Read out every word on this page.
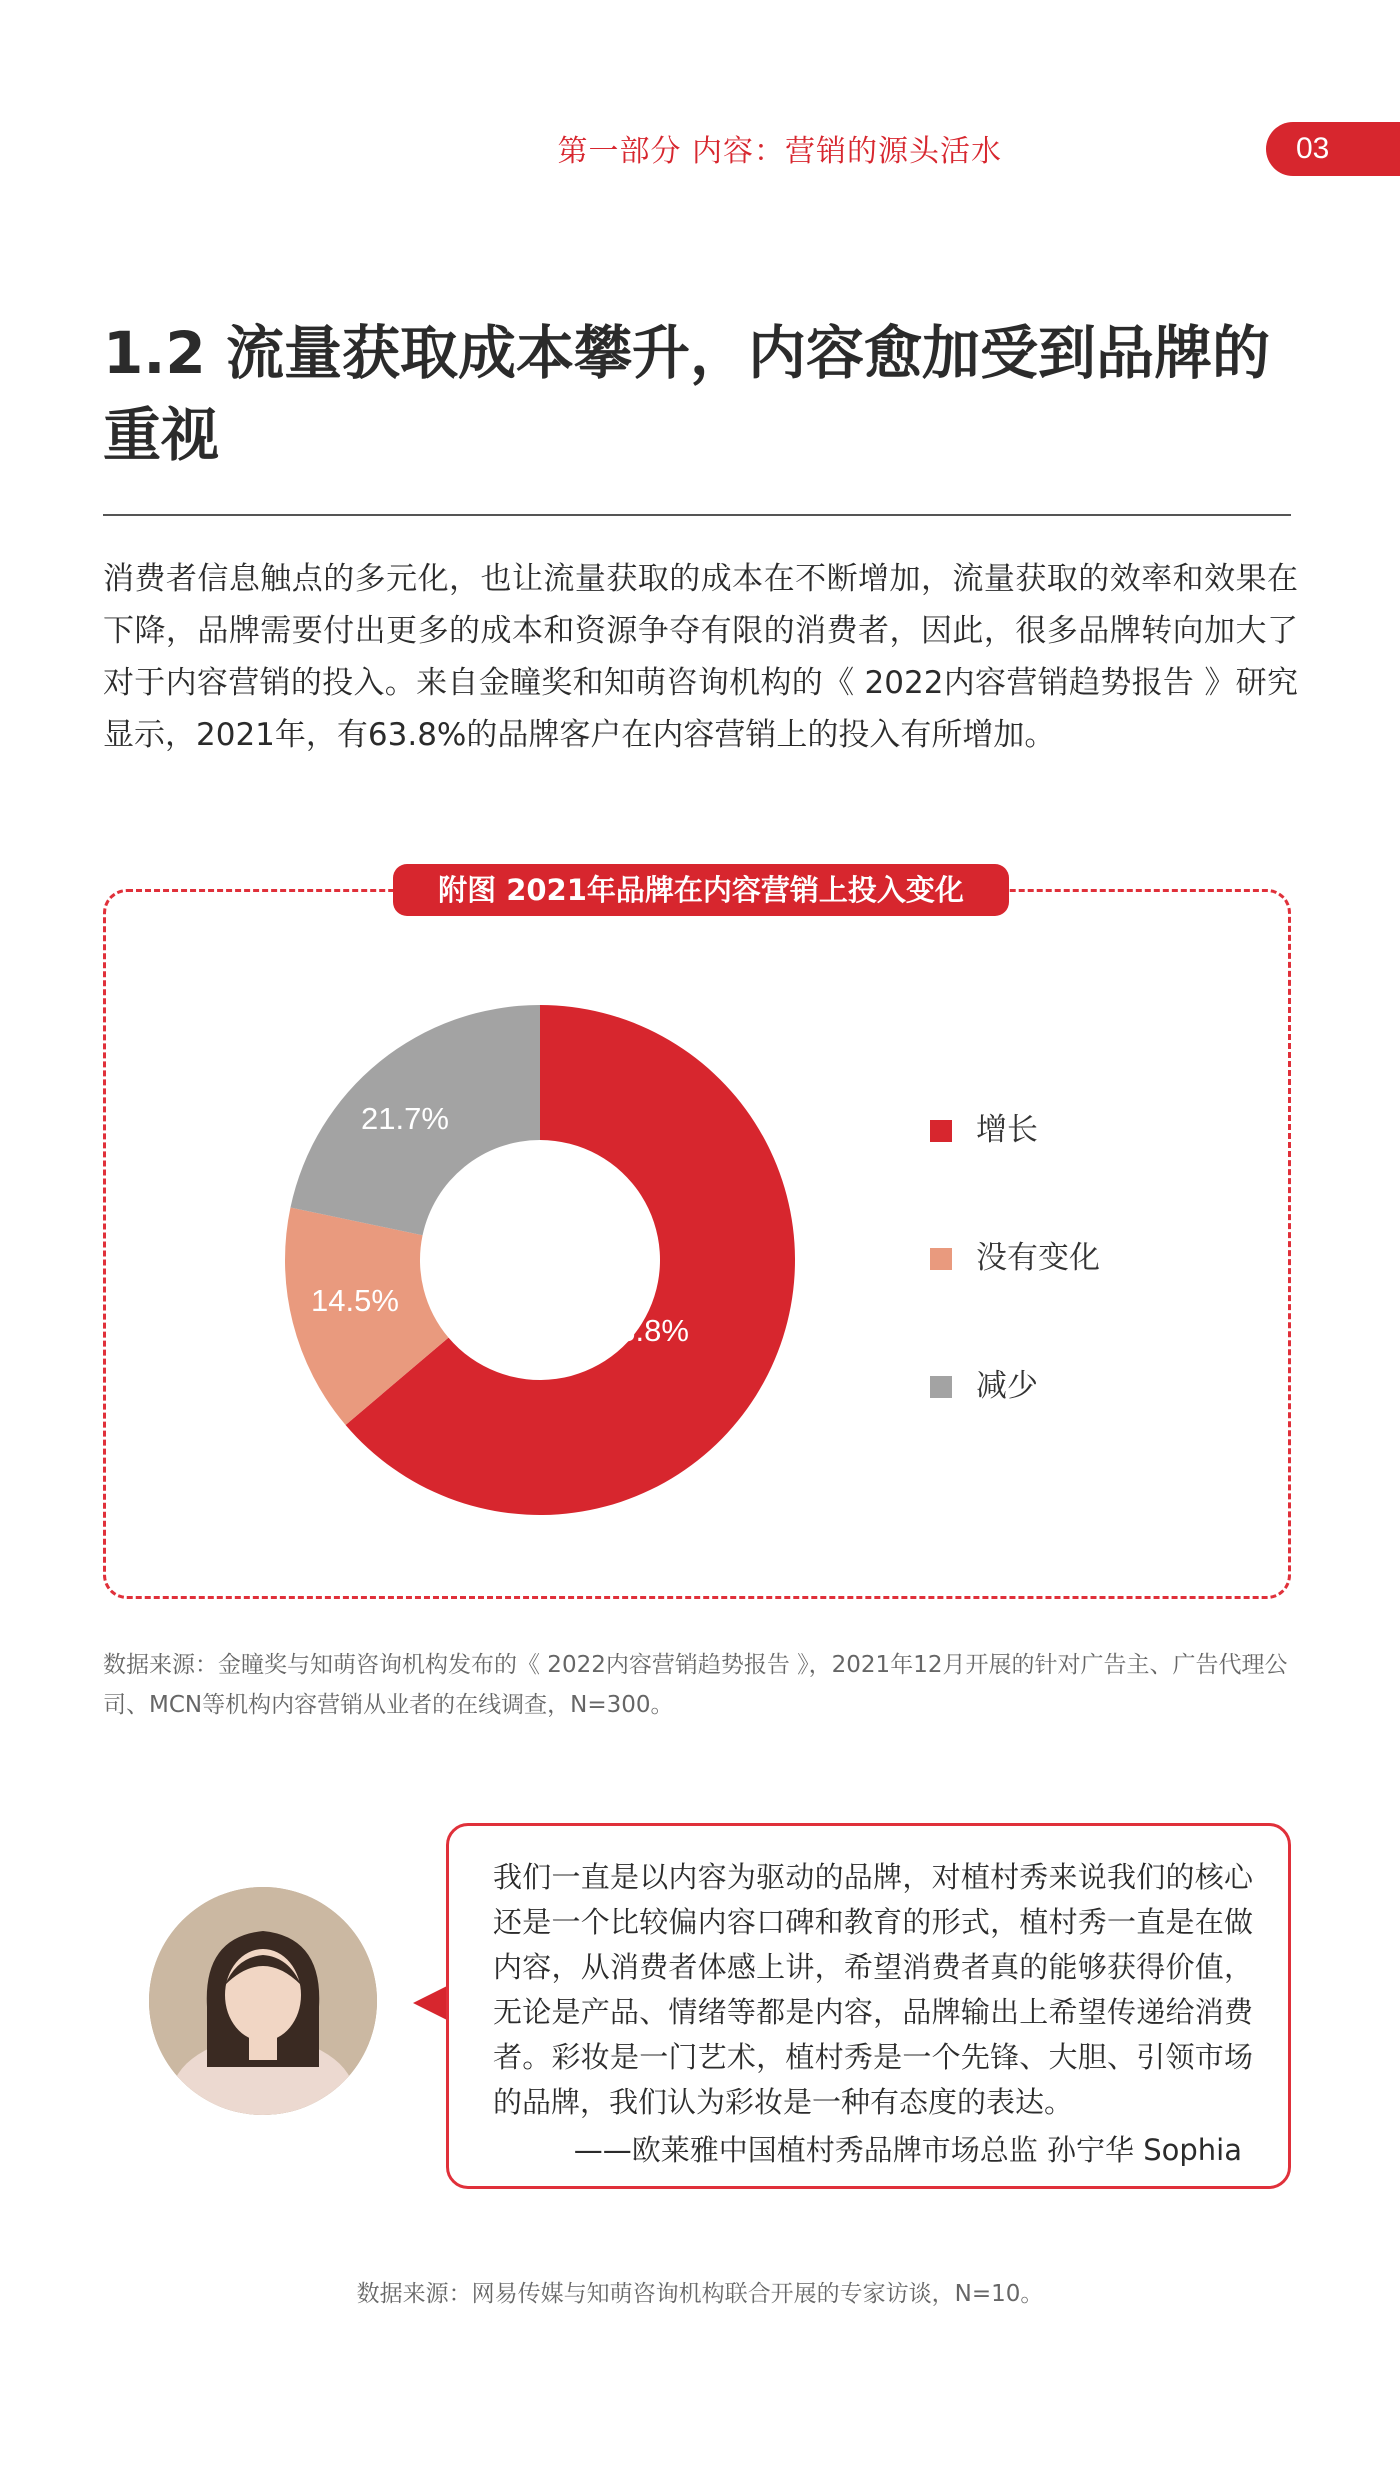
第一部分 内容：营销的源头活水	03
1.2 流量获取成本攀升，内容愈加受到品牌的重视

消费者信息触点的多元化，也让流量获取的成本在不断增加，流量获取的效率和效果在下降，品牌需要付出更多的成本和资源争夺有限的消费者，因此，很多品牌转向加大了对于内容营销的投入。来自金瞳奖和知萌咨询机构的《 2022内容营销趋势报告 》研究显示，2021年，有63.8%的品牌客户在内容营销上的投入有所增加。

附图 2021年品牌在内容营销上投入变化
63.8%
14.5%
21.7%	增长
没有变化
减少

数据来源：金瞳奖与知萌咨询机构发布的《 2022内容营销趋势报告 》，2021年12月开展的针对广告主、广告代理公司、MCN等机构内容营销从业者的在线调查，N=300。

我们一直是以内容为驱动的品牌，对植村秀来说我们的核心还是一个比较偏内容口碑和教育的形式，植村秀一直是在做内容，从消费者体感上讲，希望消费者真的能够获得价值，无论是产品、情绪等都是内容，品牌输出上希望传递给消费者。彩妆是一门艺术，植村秀是一个先锋、大胆、引领市场的品牌，我们认为彩妆是一种有态度的表达。

——欧莱雅中国植村秀品牌市场总监 孙宁华 Sophia
数据来源：网易传媒与知萌咨询机构联合开展的专家访谈，N=10。
